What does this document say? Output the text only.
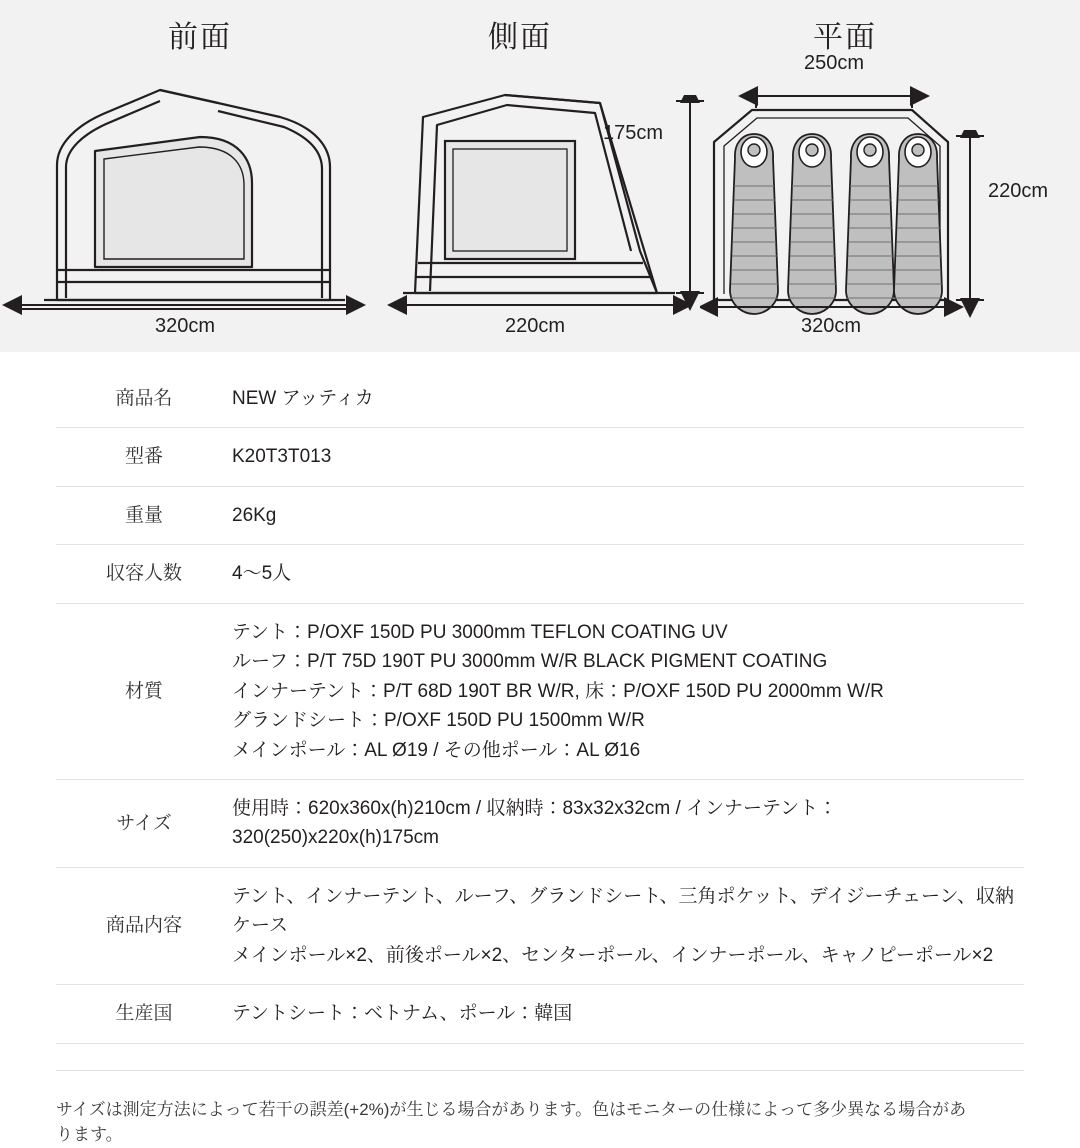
前面
320cm
側面
220cm
175cm
平面
250cm
320cm
220cm
商品名	NEW アッティカ

型番	K20T3T013

重量	26Kg

収容人数	4〜5人

材質	テント：P/OXF 150D PU 3000mm TEFLON COATING UV
ルーフ：P/T 75D 190T PU 3000mm W/R BLACK PIGMENT COATING
インナーテント：P/T 68D 190T BR W/R, 床：P/OXF 150D PU 2000mm W/R
グランドシート：P/OXF 150D PU 1500mm W/R
メインポール：AL Ø19 / その他ポール：AL Ø16

サイズ	使用時：620x360x(h)210cm / 収納時：83x32x32cm / インナーテント：320(250)x220x(h)175cm

商品内容	テント、インナーテント、ルーフ、グランドシート、三角ポケット、デイジーチェーン、収納ケース
メインポール×2、前後ポール×2、センターポール、インナーポール、キャノピーポール×2

生産国	テントシート：ベトナム、ポール：韓国

サイズは測定方法によって若干の誤差(+2%)が生じる場合があります。色はモニターの仕様によって多少異なる場合があります。
